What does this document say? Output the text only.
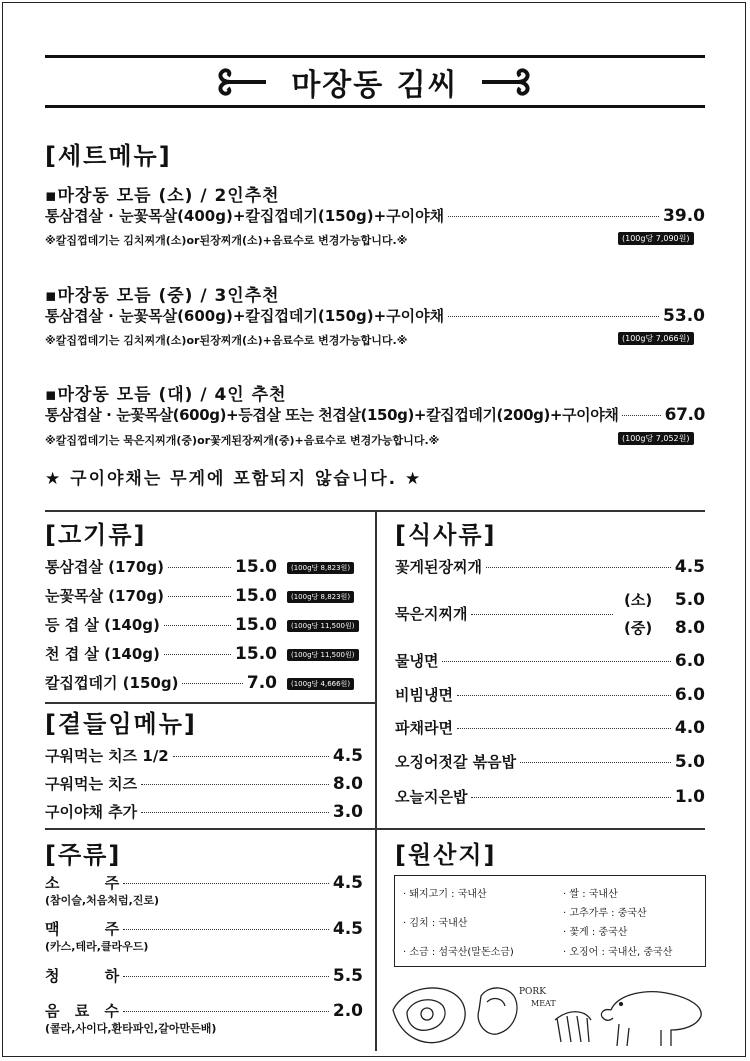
마장동 김씨
[세트메뉴]
▪마장동 모듬 (소) / 2인추천
통삼겹살 · 눈꽃목살(400g)+칼집껍데기(150g)+구이야채	39.0
※칼집껍데기는 김치찌개(소)or된장찌개(소)+음료수로 변경가능합니다.※	(100g당 7,090원)
▪마장동 모듬 (중) / 3인추천
통삼겹살 · 눈꽃목살(600g)+칼집껍데기(150g)+구이야채	53.0
※칼집껍데기는 김치찌개(소)or된장찌개(소)+음료수로 변경가능합니다.※	(100g당 7,066원)
▪마장동 모듬 (대) / 4인 추천
통삼겹살 · 눈꽃목살(600g)+등겹살 또는 천겹살(150g)+칼집껍데기(200g)+구이야채	67.0
※칼집껍데기는 묵은지찌개(중)or꽃게된장찌개(중)+음료수로 변경가능합니다.※	(100g당 7,052원)
★ 구이야채는 무게에 포함되지 않습니다. ★
[고기류]
통삼겹살 (170g)	15.0	(100g당 8,823원)
눈꽃목살 (170g)	15.0	(100g당 8,823원)
등 겹 살 (140g)	15.0	(100g당 11,500원)
천 겹 살 (140g)	15.0	(100g당 11,500원)
칼집껍데기 (150g)	7.0	(100g당 4,666원)
[곁들임메뉴]
구워먹는 치즈 1/2	4.5
구워먹는 치즈	8.0
구이야채 추가	3.0
[식사류]
꽃게된장찌개	4.5
묵은지찌개
(소) 5.0
(중) 8.0
물냉면	6.0
비빔냉면	6.0
파채라면	4.0
오징어젓갈 볶음밥	5.0
오늘지은밥	1.0
[주류]
소 주	4.5
(참이슬,처음처럼,진로)
맥 주	4.5
(카스,테라,클라우드)
청 하	5.5
음 료 수	2.0
(콜라,사이다,환타파인,갈아만든배)
[원산지]
· 돼지고기 : 국내산
· 김치 : 국내산
· 소금 : 섬국산(말돈소금)
· 쌀 : 국내산
· 고추가루 : 중국산
· 꽃게 : 중국산
· 오징어 : 국내산, 중국산
PORK
MEAT
